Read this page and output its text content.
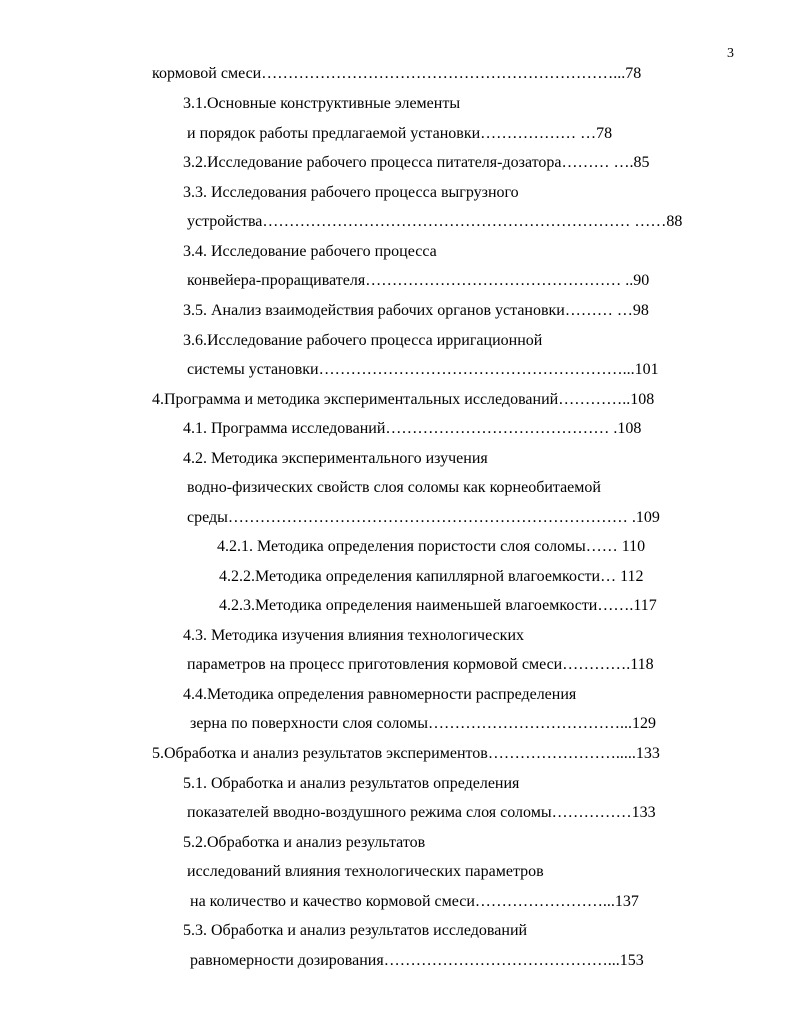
3
кормовой смеси…………………………………………………………...78
3.1.Основные конструктивные элементы
и порядок работы предлагаемой установки……………… …78
3.2.Исследование рабочего процесса питателя-дозатора……… ….85
3.3. Исследования рабочего процесса выгрузного
устройства…………………………………………………………… ……88
3.4. Исследование рабочего процесса
конвейера-проращивателя………………………………………… ..90
3.5. Анализ взаимодействия рабочих органов установки……… …98
3.6.Исследование рабочего процесса ирригационной
системы установки…………………………………………………...101
4.Программа и методика экспериментальных исследований…………..108
4.1. Программа исследований…………………………………… .108
4.2. Методика экспериментального изучения
водно-физических свойств слоя соломы как корнеобитаемой
среды………………………………………………………………… .109
4.2.1. Методика определения пористости слоя соломы…… 110
4.2.2.Методика определения капиллярной влагоемкости… 112
4.2.3.Методика определения наименьшей влагоемкости…….117
4.3. Методика изучения влияния технологических
параметров на процесс приготовления кормовой смеси………….118
4.4.Методика определения равномерности распределения
зерна по поверхности слоя соломы………………………………...129
5.Обработка и анализ результатов экспериментов…………………….....133
5.1. Обработка и анализ результатов определения
показателей вводно-воздушного режима слоя соломы……………133
5.2.Обработка и анализ результатов
исследований влияния технологических параметров
на количество и качество кормовой смеси……………………...137
5.3. Обработка и анализ результатов исследований
равномерности дозирования……………………………………...153
